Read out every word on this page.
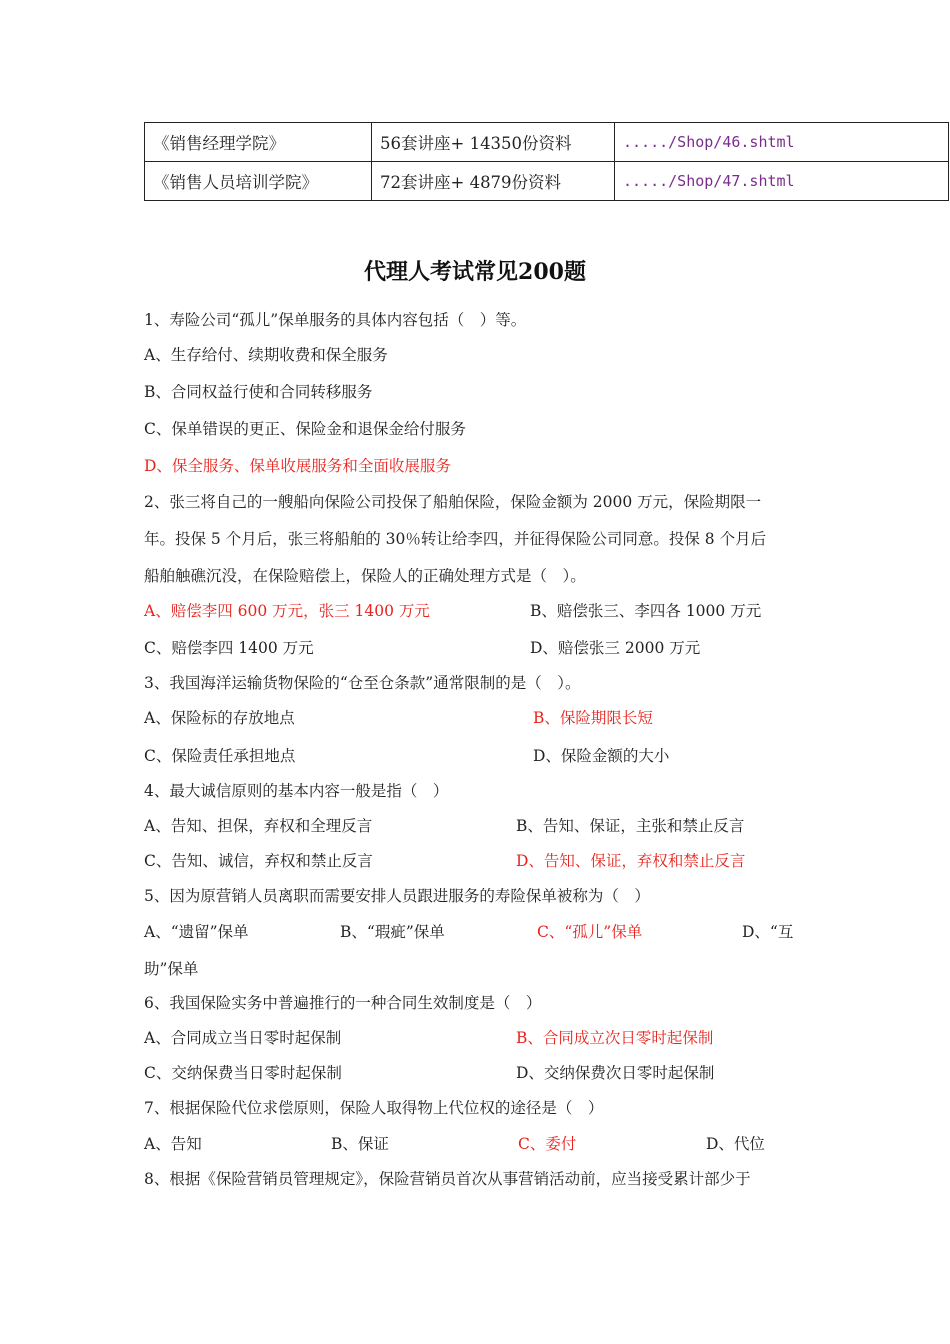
《销售经理学院》	56套讲座+ 14350份资料	...../Shop/46.shtml
《销售人员培训学院》	72套讲座+ 4879份资料	...../Shop/47.shtml
代理人考试常见200题
1、寿险公司“孤儿”保单服务的具体内容包括（　）等。
A、生存给付、续期收费和保全服务
B、合同权益行使和合同转移服务
C、保单错误的更正、保险金和退保金给付服务
D、保全服务、保单收展服务和全面收展服务
2、张三将自己的一艘船向保险公司投保了船舶保险，保险金额为 2000 万元，保险期限一
年。投保 5 个月后，张三将船舶的 30％转让给李四，并征得保险公司同意。投保 8 个月后
船舶触礁沉没，在保险赔偿上，保险人的正确处理方式是（　）。
A、赔偿李四 600 万元，张三 1400 万元	B、赔偿张三、李四各 1000 万元
C、赔偿李四 1400 万元	D、赔偿张三 2000 万元
3、我国海洋运输货物保险的“仓至仓条款”通常限制的是（　）。
A、保险标的存放地点	B、保险期限长短
C、保险责任承担地点	D、保险金额的大小
4、最大诚信原则的基本内容一般是指（　）
A、告知、担保，弃权和全理反言	B、告知、保证，主张和禁止反言
C、告知、诚信，弃权和禁止反言	D、告知、保证，弃权和禁止反言
5、因为原营销人员离职而需要安排人员跟进服务的寿险保单被称为（　）
A、“遗留”保单	B、“瑕疵”保单	C、“孤儿”保单	D、“互
助”保单
6、我国保险实务中普遍推行的一种合同生效制度是（　）
A、合同成立当日零时起保制	B、合同成立次日零时起保制
C、交纳保费当日零时起保制	D、交纳保费次日零时起保制
7、根据保险代位求偿原则，保险人取得物上代位权的途径是（　）
A、告知	B、保证	C、委付	D、代位
8、根据《保险营销员管理规定》，保险营销员首次从事营销活动前，应当接受累计部少于
